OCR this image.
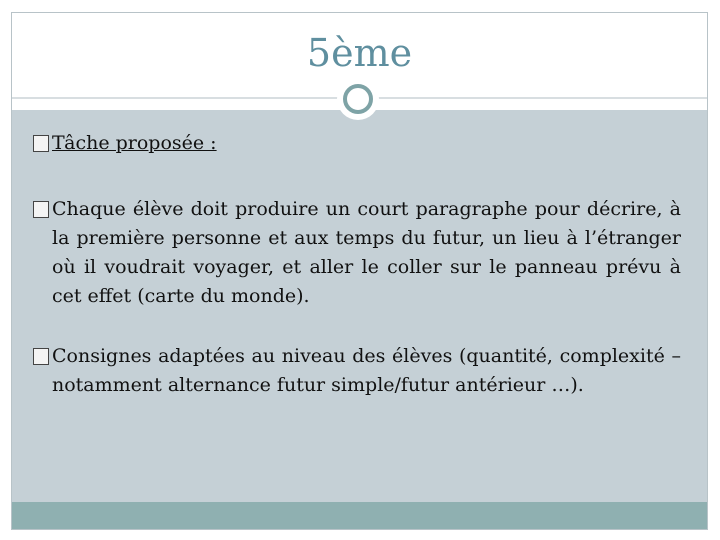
5ème
Tâche proposée :
Chaque élève doit produire un court paragraphe pour décrire, à la première personne et aux temps du futur, un lieu à l’étranger où il voudrait voyager, et aller le coller sur le panneau prévu à cet effet (carte du monde).
Consignes adaptées au niveau des élèves (quantité, complexité – notamment alternance futur simple/futur antérieur …).
